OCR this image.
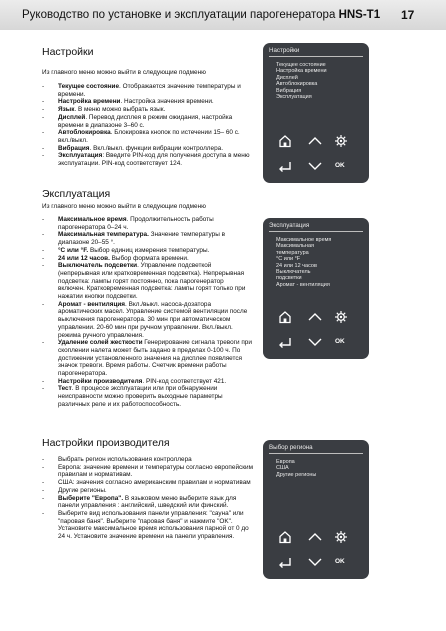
Руководство по установке и эксплуатации парогенератора HNS-T1 17
Настройки
Из главного меню можно выйти в следующие подменю
- Текущее состояние. Отображается значение температуры и времени.
- Настройка времени. Настройка значения времени.
- Язык. В меню можно выбрать язык.
- Дисплей. Перевод дисплея в режим ожидания, настройка времени в диапазоне 3–60 с.
- Автоблокировка. Блокировка кнопок по истечении 15– 60 с. вкл./выкл.
- Вибрация. Вкл./выкл. функции вибрации контроллера.
- Эксплуатация: Введите PIN-код для получения доступа в меню эксплуатации. PIN-код соответствует 124.
Настройки
Текущее состояние
Настройка времени
Дисплей
Автоблокировка
Вибрация
Эксплуатация
OK
Эксплуатация
Из главного меню можно выйти в следующие подменю
- Максимальное время. Продолжительность работы парогенератора 0–24 ч.
- Максимальная температура. Значение температуры в диапазоне 20–55 °.
- °C или °F. Выбор единиц измерения температуры.
- 24 или 12 часов. Выбор формата времени.
- Выключатель подсветки. Управление подсветкой (непрерывная или кратковременная подсветка). Непрерывная подсветка: лампы горят постоянно, пока парогенератор включен. Кратковременная подсветка: лампы горят только при нажатии кнопки подсветки.
- Аромат - вентиляция. Вкл./выкл. насоса-дозатора ароматических масел. Управление системой вентиляции после выключения парогенератора. 30 мин при автоматическом управлении. 20-60 мин при ручном управлении. Вкл./выкл. режима ручного управления.
- Удаление солей жесткости Генерирование сигнала тревоги при скоплении налета может быть задано в пределах 0-100 ч. По достижении установленного значения на дисплее появляется значок тревоги. Время работы. Счетчик времени работы парогенератора.
- Настройки производителя. PIN-код соответствует 421.
- Тест. В процессе эксплуатации или при обнаружении неисправности можно проверить выходные параметры различных реле и их работоспособность.
Эксплуатация
Максимальное время
Максимальная
температура
°C или °F
24 или 12 часов
Выключатель
подсветки
Аромат - вентиляция
OK
Настройки производителя
- Выбрать регион использования контроллера
- Европа: значение времени и температуры согласно европейским правилам и нормативам.
- США: значения согласно американским правилам и нормативам
- Другие регионы.
- Выберите "Европа". В языковом меню выберите язык для панели управления : английский, шведский или финский.
- Выберите вид использования панели управления: "сауна" или "паровая баня". Выберите "паровая баня" и нажмите "OK". Установите максимальное время использования парной от 0 до 24 ч. Установите значение времени на панели управления.
Выбор региона
Европа
США
Другие регионы
OK
